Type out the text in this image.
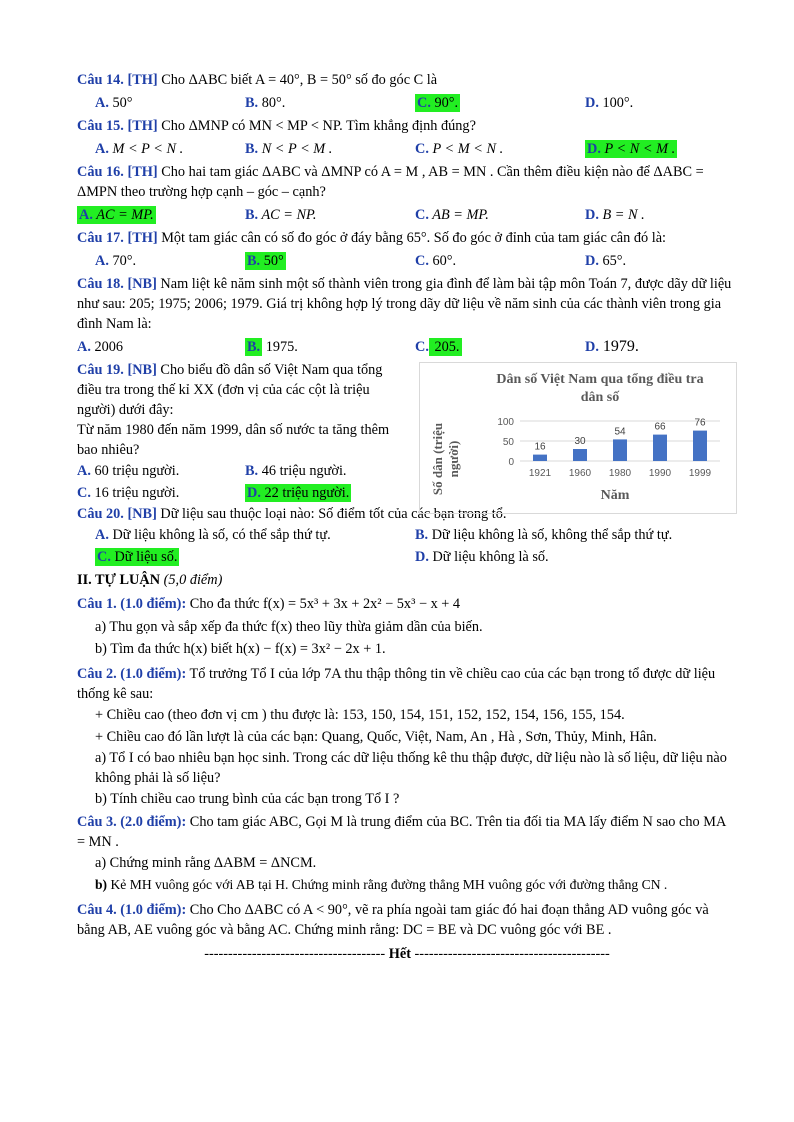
Câu 14. [TH] Cho ΔABC biết A = 40°, B = 50° số đo góc C là

A. 50°	B. 80°.	C. 90°.	D. 100°.

Câu 15. [TH] Cho ΔMNP có MN < MP < NP. Tìm khẳng định đúng?

A. M < P < N .	B. N < P < M .	C. P < M < N .	D. P < N < M .

Câu 16. [TH] Cho hai tam giác ΔABC và ΔMNP có A = M , AB = MN . Cần thêm điều kiện nào để ΔABC = ΔMPN theo trường hợp cạnh – góc – cạnh?

A. AC = MP.	B. AC = NP.	C. AB = MP.	D. B = N .

Câu 17. [TH] Một tam giác cân có số đo góc ở đáy bằng 65°. Số đo góc ở đỉnh của tam giác cân đó là:

A. 70°.	B. 50°	C. 60°.	D. 65°.

Câu 18. [NB] Nam liệt kê năm sinh một số thành viên trong gia đình để làm bài tập môn Toán 7, được dãy dữ liệu như sau: 205; 1975; 2006; 1979. Giá trị không hợp lý trong dãy dữ liệu về năm sinh của các thành viên trong gia đình Nam là:

A. 2006	B. 1975.	C. 205.	D. 1979.

Câu 19. [NB] Cho biểu đồ dân số Việt Nam qua tổng điều tra trong thế kỉ XX (đơn vị của các cột là triệu người) dưới đây:

Từ năm 1980 đến năm 1999, dân số nước ta tăng thêm bao nhiêu?

A. 60 triệu người.	B. 46 triệu người.
C. 16 triệu người.	D. 22 triệu người.
Dân số Việt Nam qua tổng điều tra
dân số
Số dân (triệu người)
Năm
0
50
100
16
1921
30
1960
54
1980
66
1990
76
1999

Câu 20. [NB] Dữ liệu sau thuộc loại nào: Số điểm tốt của các bạn trong tổ.

A. Dữ liệu không là số, có thể sắp thứ tự.	B. Dữ liệu không là số, không thể sắp thứ tự.
C. Dữ liệu số.	D. Dữ liệu không là số.
II. TỰ LUẬN (5,0 điểm)

Câu 1. (1.0 điểm): Cho đa thức f(x) = 5x³ + 3x + 2x² − 5x³ − x + 4

a) Thu gọn và sắp xếp đa thức f(x) theo lũy thừa giảm dần của biến.
b) Tìm đa thức h(x) biết h(x) − f(x) = 3x² − 2x + 1.

Câu 2. (1.0 điểm): Tổ trưởng Tổ I của lớp 7A thu thập thông tin về chiều cao của các bạn trong tổ được dữ liệu thống kê sau:

+ Chiều cao (theo đơn vị cm ) thu được là: 153, 150, 154, 151, 152, 152, 154, 156, 155, 154.
+ Chiều cao đó lần lượt là của các bạn: Quang, Quốc, Việt, Nam, An , Hà , Sơn, Thủy, Minh, Hân.
a) Tổ I có bao nhiêu bạn học sinh. Trong các dữ liệu thống kê thu thập được, dữ liệu nào là số liệu, dữ liệu nào không phải là số liệu?
b) Tính chiều cao trung bình của các bạn trong Tổ I ?

Câu 3. (2.0 điểm): Cho tam giác ABC, Gọi M là trung điểm của BC. Trên tia đối tia MA lấy điểm N sao cho MA = MN .

a) Chứng minh rằng ΔABM = ΔNCM.
b) Kẻ MH vuông góc với AB tại H. Chứng minh rằng đường thẳng MH vuông góc với đường thẳng CN .

Câu 4. (1.0 điểm): Cho Cho ΔABC có A < 90°, vẽ ra phía ngoài tam giác đó hai đoạn thẳng AD vuông góc và bằng AB, AE vuông góc và bằng AC. Chứng minh rằng: DC = BE và DC vuông góc với BE .

-------------------------------------- Hết -----------------------------------------
